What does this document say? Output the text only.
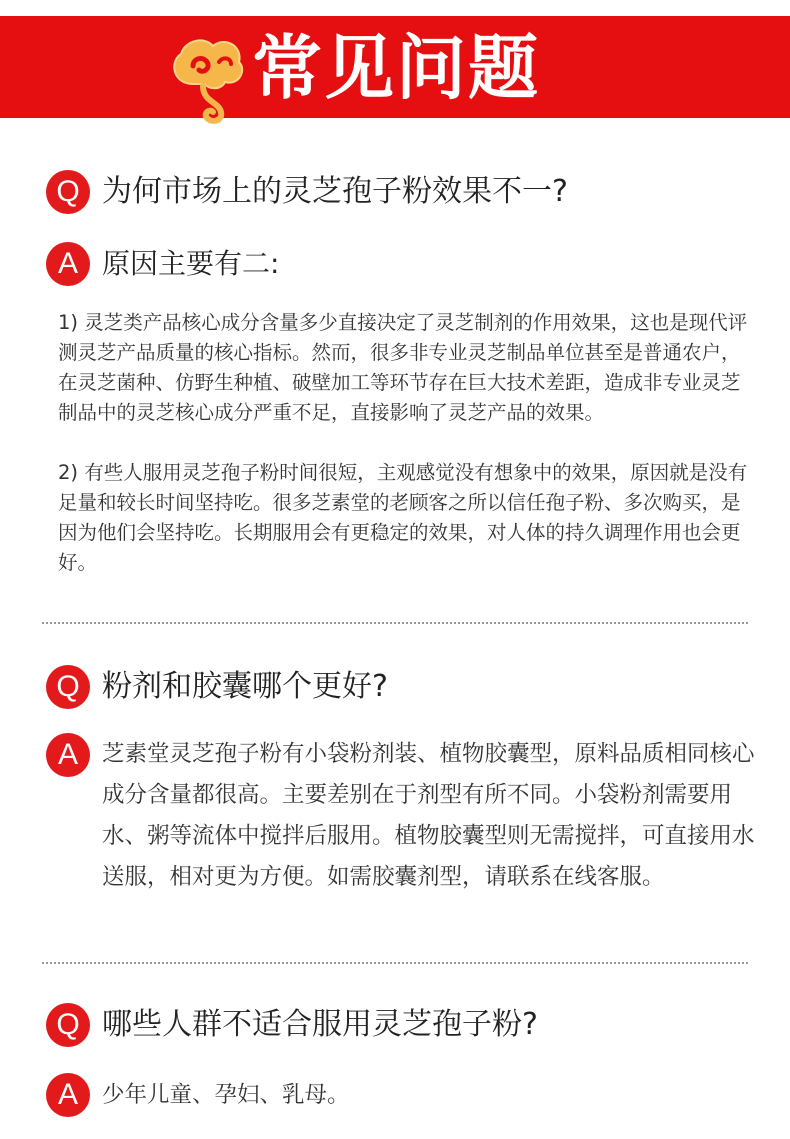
常见问题
Q 为何市场上的灵芝孢子粉效果不一?
A 原因主要有二:
1) 灵芝类产品核心成分含量多少直接决定了灵芝制剂的作用效果，这也是现代评测灵芝产品质量的核心指标。然而，很多非专业灵芝制品单位甚至是普通农户，在灵芝菌种、仿野生种植、破壁加工等环节存在巨大技术差距，造成非专业灵芝制品中的灵芝核心成分严重不足，直接影响了灵芝产品的效果。
2) 有些人服用灵芝孢子粉时间很短，主观感觉没有想象中的效果，原因就是没有足量和较长时间坚持吃。很多芝素堂的老顾客之所以信任孢子粉、多次购买，是因为他们会坚持吃。长期服用会有更稳定的效果，对人体的持久调理作用也会更好。
Q 粉剂和胶囊哪个更好?
A	芝素堂灵芝孢子粉有小袋粉剂装、植物胶囊型，原料品质相同核心成分含量都很高。主要差别在于剂型有所不同。小袋粉剂需要用水、粥等流体中搅拌后服用。植物胶囊型则无需搅拌，可直接用水送服，相对更为方便。如需胶囊剂型，请联系在线客服。
Q 哪些人群不适合服用灵芝孢子粉?
A	少年儿童、孕妇、乳母。
